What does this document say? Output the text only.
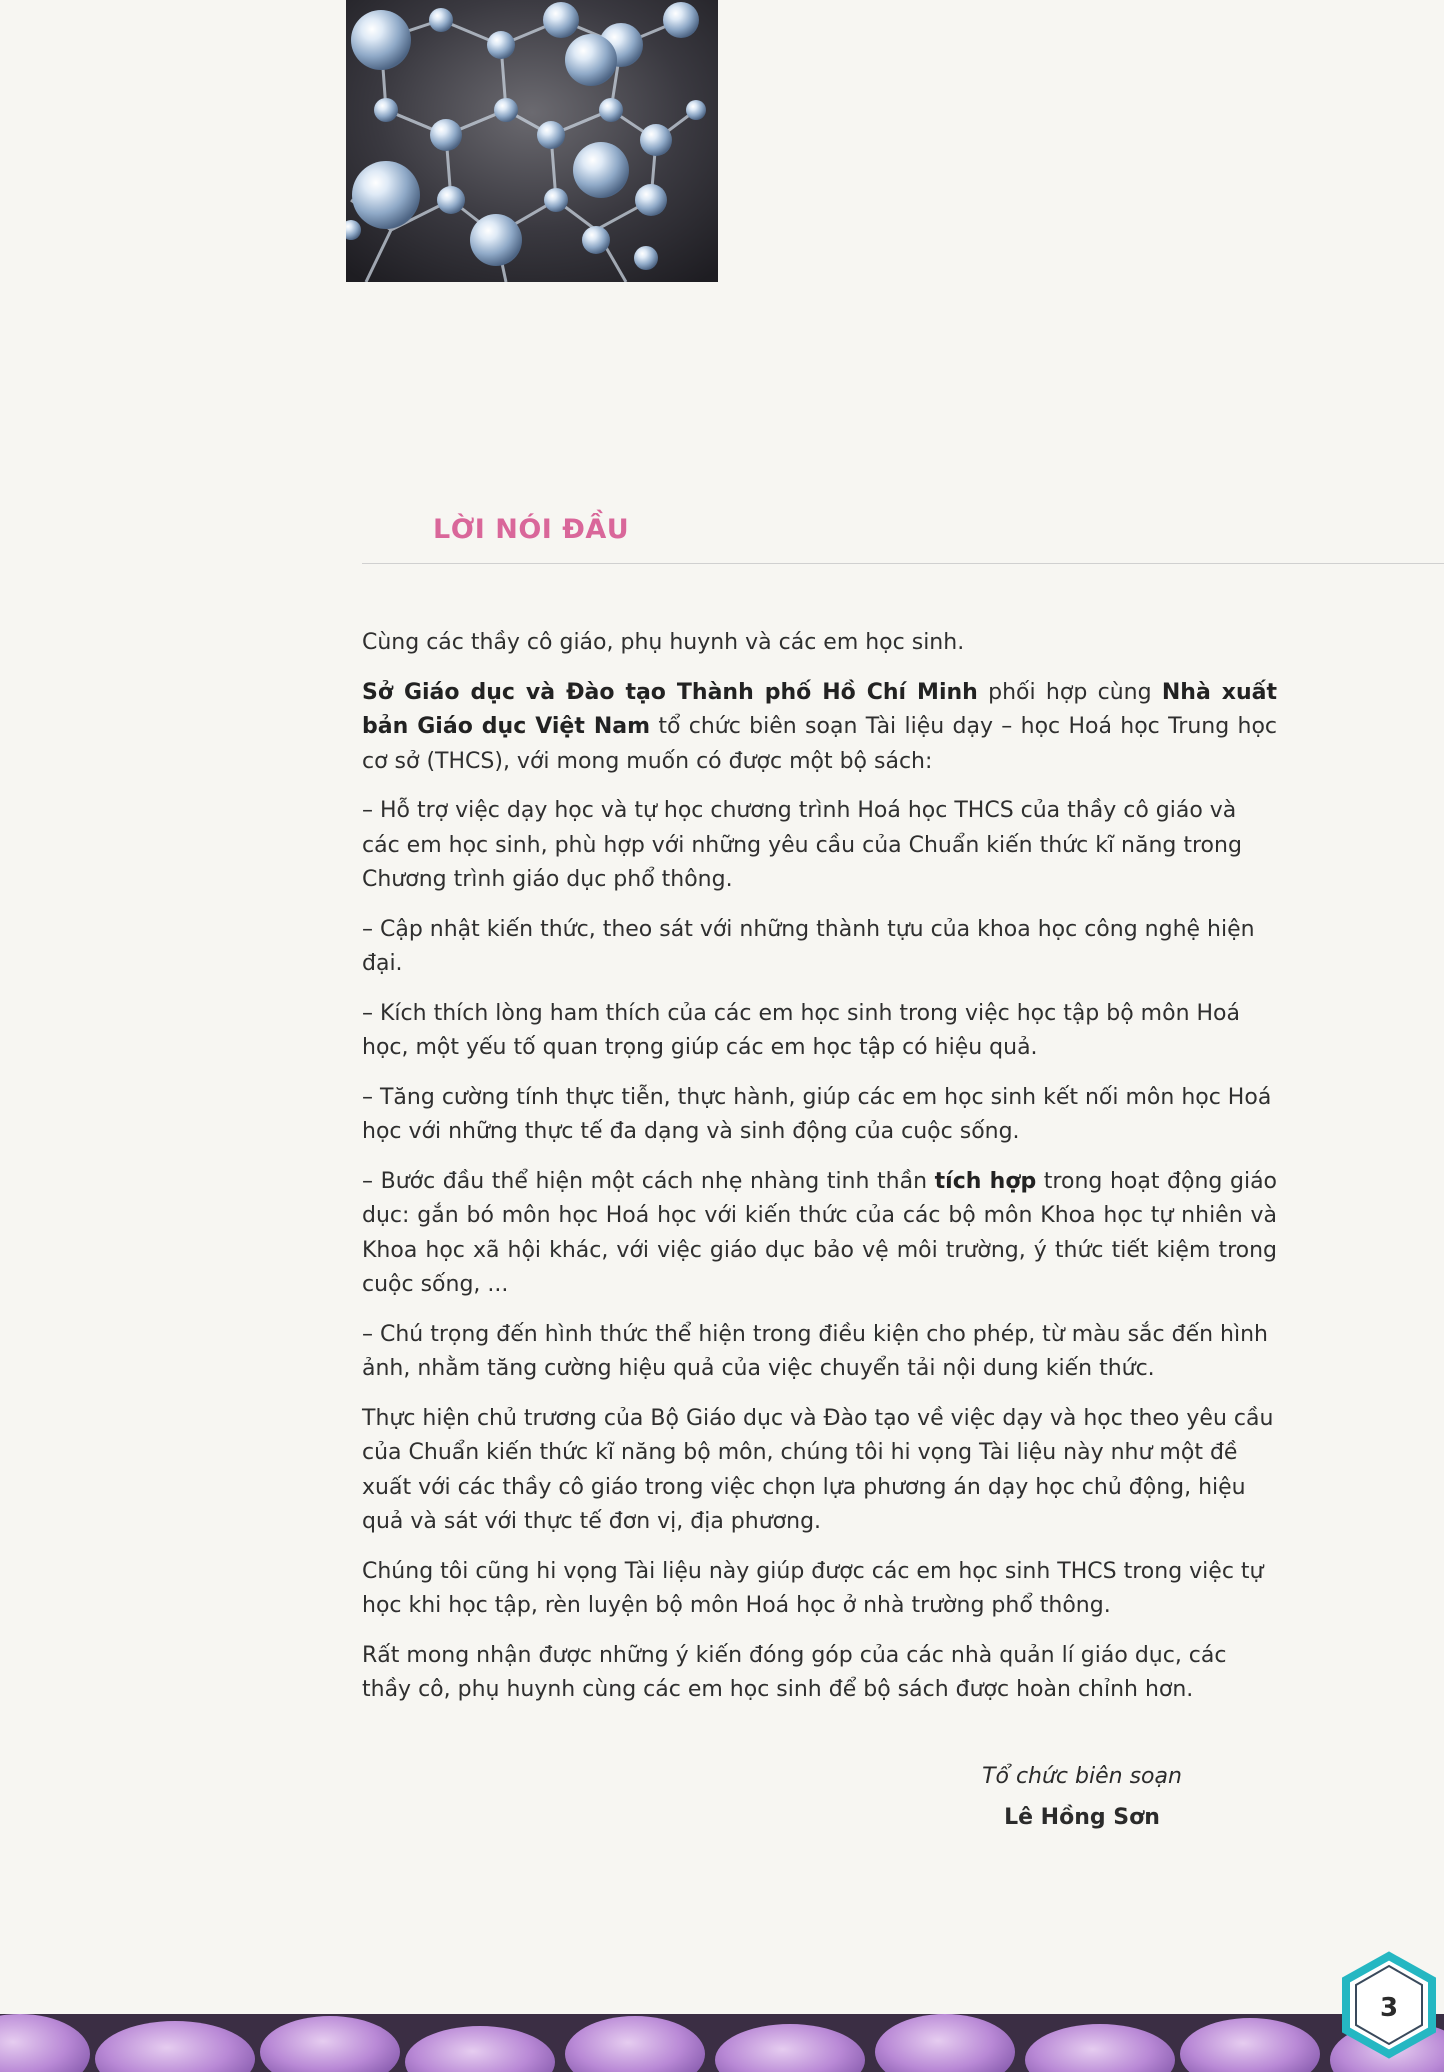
LỜI NÓI ĐẦU

Cùng các thầy cô giáo, phụ huynh và các em học sinh.

Sở Giáo dục và Đào tạo Thành phố Hồ Chí Minh phối hợp cùng Nhà xuất bản Giáo dục Việt Nam tổ chức biên soạn Tài liệu dạy – học Hoá học Trung học cơ sở (THCS), với mong muốn có được một bộ sách:

– Hỗ trợ việc dạy học và tự học chương trình Hoá học THCS của thầy cô giáo và các em học sinh, phù hợp với những yêu cầu của Chuẩn kiến thức kĩ năng trong Chương trình giáo dục phổ thông.

– Cập nhật kiến thức, theo sát với những thành tựu của khoa học công nghệ hiện đại.

– Kích thích lòng ham thích của các em học sinh trong việc học tập bộ môn Hoá học, một yếu tố quan trọng giúp các em học tập có hiệu quả.

– Tăng cường tính thực tiễn, thực hành, giúp các em học sinh kết nối môn học Hoá học với những thực tế đa dạng và sinh động của cuộc sống.

– Bước đầu thể hiện một cách nhẹ nhàng tinh thần tích hợp trong hoạt động giáo dục: gắn bó môn học Hoá học với kiến thức của các bộ môn Khoa học tự nhiên và Khoa học xã hội khác, với việc giáo dục bảo vệ môi trường, ý thức tiết kiệm trong cuộc sống, ...

– Chú trọng đến hình thức thể hiện trong điều kiện cho phép, từ màu sắc đến hình ảnh, nhằm tăng cường hiệu quả của việc chuyển tải nội dung kiến thức.

Thực hiện chủ trương của Bộ Giáo dục và Đào tạo về việc dạy và học theo yêu cầu của Chuẩn kiến thức kĩ năng bộ môn, chúng tôi hi vọng Tài liệu này như một đề xuất với các thầy cô giáo trong việc chọn lựa phương án dạy học chủ động, hiệu quả và sát với thực tế đơn vị, địa phương.

Chúng tôi cũng hi vọng Tài liệu này giúp được các em học sinh THCS trong việc tự học khi học tập, rèn luyện bộ môn Hoá học ở nhà trường phổ thông.

Rất mong nhận được những ý kiến đóng góp của các nhà quản lí giáo dục, các thầy cô, phụ huynh cùng các em học sinh để bộ sách được hoàn chỉnh hơn.

Tổ chức biên soạn
Lê Hồng Sơn
3
